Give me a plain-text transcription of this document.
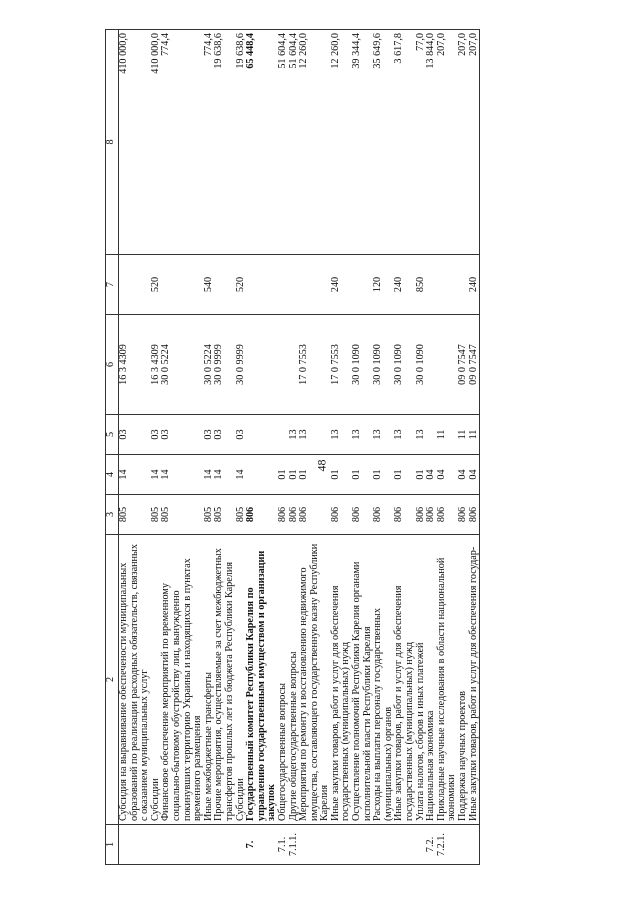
48
1	2	3	4	5	6	7	8
	Субсидия на выравнивание обеспечености муниципальных образований по реализации расходных обязательств, связанных с оказанием муниципальных услуг	805	14	03	16 3 4309		410 000,0
	Субсидии	805	14	03	16 3 4309	520	410 000,0
	Финансовое обеспечение мероприятий по временному социально-бытовому обустройству лиц, вынужденно покинувших территорию Украины и находящихся в пунктах временного размещения	805	14	03	30 0 5224		774,4
	Иные межбюджетные трансферты	805	14	03	30 0 5224	540	774,4
	Прочие мероприятия, осуществляемые за счет межбюджетных трансфертов прошлых лет из бюджета Республики Карелия	805	14	03	30 0 9999		19 638,6
	Субсидии	805	14	03	30 0 9999	520	19 638,6
7.	Государственный комитет Республики Карелия по управлению государственным имуществом и организации закупок	806					65 448,4
7.1.	Общегосударственные вопросы	806	01				51 604,4
7.1.1.	Другие общегосударственные вопросы	806	01	13			51 604,4
	Мероприятия по ремонту и восстановлению недвижимого имущества, составляющего государственную казну Республики Карелия	806	01	13	17 0 7553		12 260,0
	Иные закупки товаров, работ и услуг для обеспечения государственных (муниципальных) нужд	806	01	13	17 0 7553	240	12 260,0
	Осуществление полномочий Республики Карелия органами исполнительной власти Республики Карелия	806	01	13	30 0 1090		39 344,4
	Расходы на выплаты персоналу государственных (муниципальных) органов	806	01	13	30 0 1090	120	35 649,6
	Иные закупки товаров, работ и услуг для обеспечения государственных (муниципальных) нужд	806	01	13	30 0 1090	240	3 617,8
	Уплата налогов, сборов и иных платежей	806	01	13	30 0 1090	850	77,0
7.2.	Национальная экономика	806	04				13 844,0
7.2.1.	Прикладные научные исследования в области национальной экономики	806	04	11			207,0
	Поддержка научных проектов	806	04	11	09 0 7547		207,0
	Иные закупки товаров, работ и услуг для обеспечения государ-	806	04	11	09 0 7547	240	207,0
